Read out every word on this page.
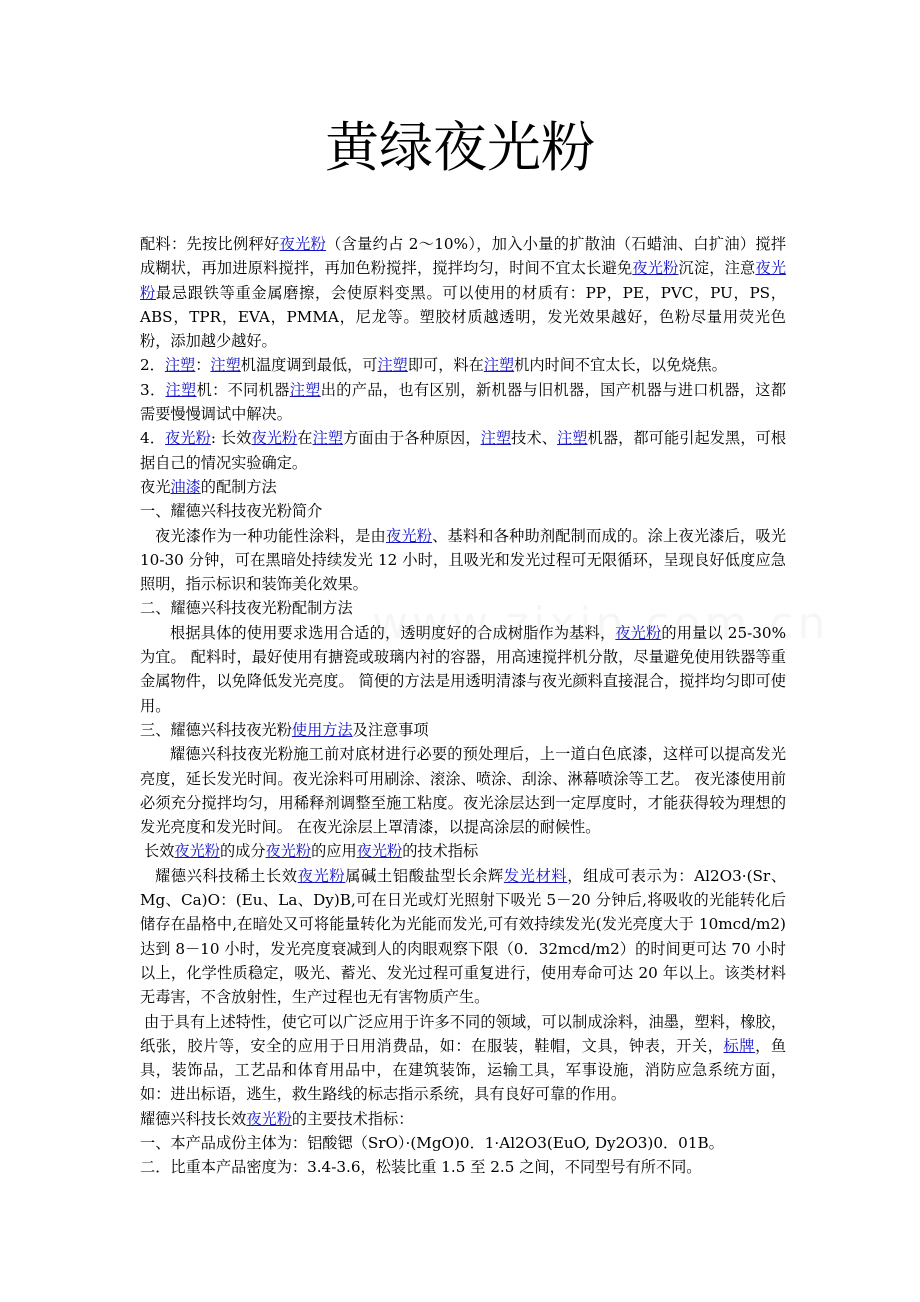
黄绿夜光粉

配料：先按比例秤好夜光粉（含量约占 2～10%），加入小量的扩散油（石蜡油、白扩油）搅拌成糊状，再加进原料搅拌，再加色粉搅拌，搅拌均匀，时间不宜太长避免夜光粉沉淀，注意夜光粉最忌跟铁等重金属磨擦，会使原料变黑。可以使用的材质有：PP，PE，PVC，PU，PS，ABS，TPR，EVA，PMMA，尼龙等。塑胶材质越透明，发光效果越好，色粉尽量用荧光色粉，添加越少越好。

2．注塑：注塑机温度调到最低，可注塑即可，料在注塑机内时间不宜太长，以免烧焦。

3．注塑机：不同机器注塑出的产品，也有区别，新机器与旧机器，国产机器与进口机器，这都需要慢慢调试中解决。

4．夜光粉: 长效夜光粉在注塑方面由于各种原因，注塑技术、注塑机器，都可能引起发黑，可根据自己的情况实验确定。

夜光油漆的配制方法

一、耀德兴科技夜光粉简介

夜光漆作为一种功能性涂料，是由夜光粉、基料和各种助剂配制而成的。涂上夜光漆后，吸光 10-30 分钟，可在黑暗处持续发光 12 小时，且吸光和发光过程可无限循环，呈现良好低度应急照明，指示标识和装饰美化效果。

二、耀德兴科技夜光粉配制方法

根据具体的使用要求选用合适的，透明度好的合成树脂作为基料，夜光粉的用量以 25-30%为宜。 配料时，最好使用有搪瓷或玻璃内衬的容器，用高速搅拌机分散，尽量避免使用铁器等重金属物件，以免降低发光亮度。 简便的方法是用透明清漆与夜光颜料直接混合，搅拌均匀即可使用。

三、耀德兴科技夜光粉使用方法及注意事项

耀德兴科技夜光粉施工前对底材进行必要的预处理后，上一道白色底漆，这样可以提高发光亮度，延长发光时间。夜光涂料可用刷涂、滚涂、喷涂、刮涂、淋幕喷涂等工艺。 夜光漆使用前必须充分搅拌均匀，用稀释剂调整至施工粘度。夜光涂层达到一定厚度时，才能获得较为理想的发光亮度和发光时间。 在夜光涂层上罩清漆，以提高涂层的耐候性。

长效夜光粉的成分夜光粉的应用夜光粉的技术指标

耀德兴科技稀土长效夜光粉属碱土铝酸盐型长余辉发光材料，组成可表示为：Al2O3·(Sr、Mg、Ca)O：(Eu、La、Dy)B,可在日光或灯光照射下吸光 5－20 分钟后,将吸收的光能转化后储存在晶格中,在暗处又可将能量转化为光能而发光,可有效持续发光(发光亮度大于 10mcd/m2)达到 8－10 小时，发光亮度衰减到人的肉眼观察下限（0．32mcd/m2）的时间更可达 70 小时以上，化学性质稳定，吸光、蓄光、发光过程可重复进行，使用寿命可达 20 年以上。该类材料无毒害，不含放射性，生产过程也无有害物质产生。

由于具有上述特性，使它可以广泛应用于许多不同的领域，可以制成涂料，油墨，塑料，橡胶，纸张，胶片等，安全的应用于日用消费品，如：在服装，鞋帽，文具，钟表，开关，标牌，鱼具，装饰品，工艺品和体育用品中，在建筑装饰，运输工具，军事设施，消防应急系统方面，如：进出标语，逃生，救生路线的标志指示系统，具有良好可靠的作用。

耀德兴科技长效夜光粉的主要技术指标：

一、本产品成份主体为：铝酸锶（SrO）·(MgO)0．1·Al2O3(EuO, Dy2O3)0．01B。

二．比重本产品密度为：3.4-3.6，松装比重 1.5 至 2.5 之间，不同型号有所不同。
